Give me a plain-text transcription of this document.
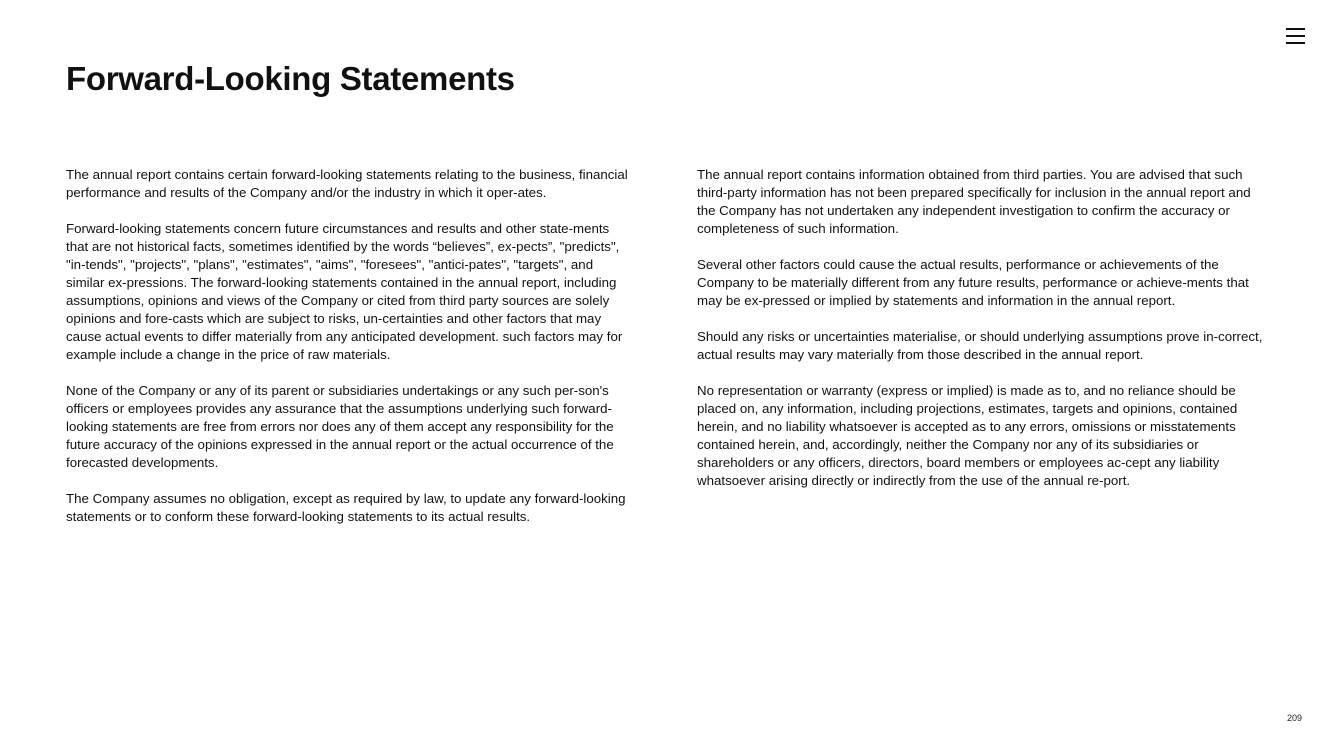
Forward-Looking Statements

The annual report contains certain forward-looking statements relating to the business, financial performance and results of the Company and/or the industry in which it oper-ates.

Forward-looking statements concern future circumstances and results and other state-ments that are not historical facts, sometimes identified by the words “believes”, ex-pects”, "predicts", "in-tends", "projects", "plans", "estimates", "aims", "foresees", "antici-pates", "targets", and similar ex-pressions. The forward-looking statements contained in the annual report, including assumptions, opinions and views of the Company or cited from third party sources are solely opinions and fore-casts which are subject to risks, un-certainties and other factors that may cause actual events to differ materially from any anticipated development. such factors may for example include a change in the price of raw materials.

None of the Company or any of its parent or subsidiaries undertakings or any such per-son's officers or employees provides any assurance that the assumptions underlying such forward-looking statements are free from errors nor does any of them accept any responsibility for the future accuracy of the opinions expressed in the annual report or the actual occurrence of the forecasted developments.

The Company assumes no obligation, except as required by law, to update any forward-looking statements or to conform these forward-looking statements to its actual results.

The annual report contains information obtained from third parties. You are advised that such third-party information has not been prepared specifically for inclusion in the annual report and the Company has not undertaken any independent investigation to confirm the accuracy or completeness of such information.

Several other factors could cause the actual results, performance or achievements of the Company to be materially different from any future results, performance or achieve-ments that may be ex-pressed or implied by statements and information in the annual report.

Should any risks or uncertainties materialise, or should underlying assumptions prove in-correct, actual results may vary materially from those described in the annual report.

No representation or warranty (express or implied) is made as to, and no reliance should be placed on, any information, including projections, estimates, targets and opinions, contained herein, and no liability whatsoever is accepted as to any errors, omissions or misstatements contained herein, and, accordingly, neither the Company nor any of its subsidiaries or shareholders or any officers, directors, board members or employees ac-cept any liability whatsoever arising directly or indirectly from the use of the annual re-port.

209
